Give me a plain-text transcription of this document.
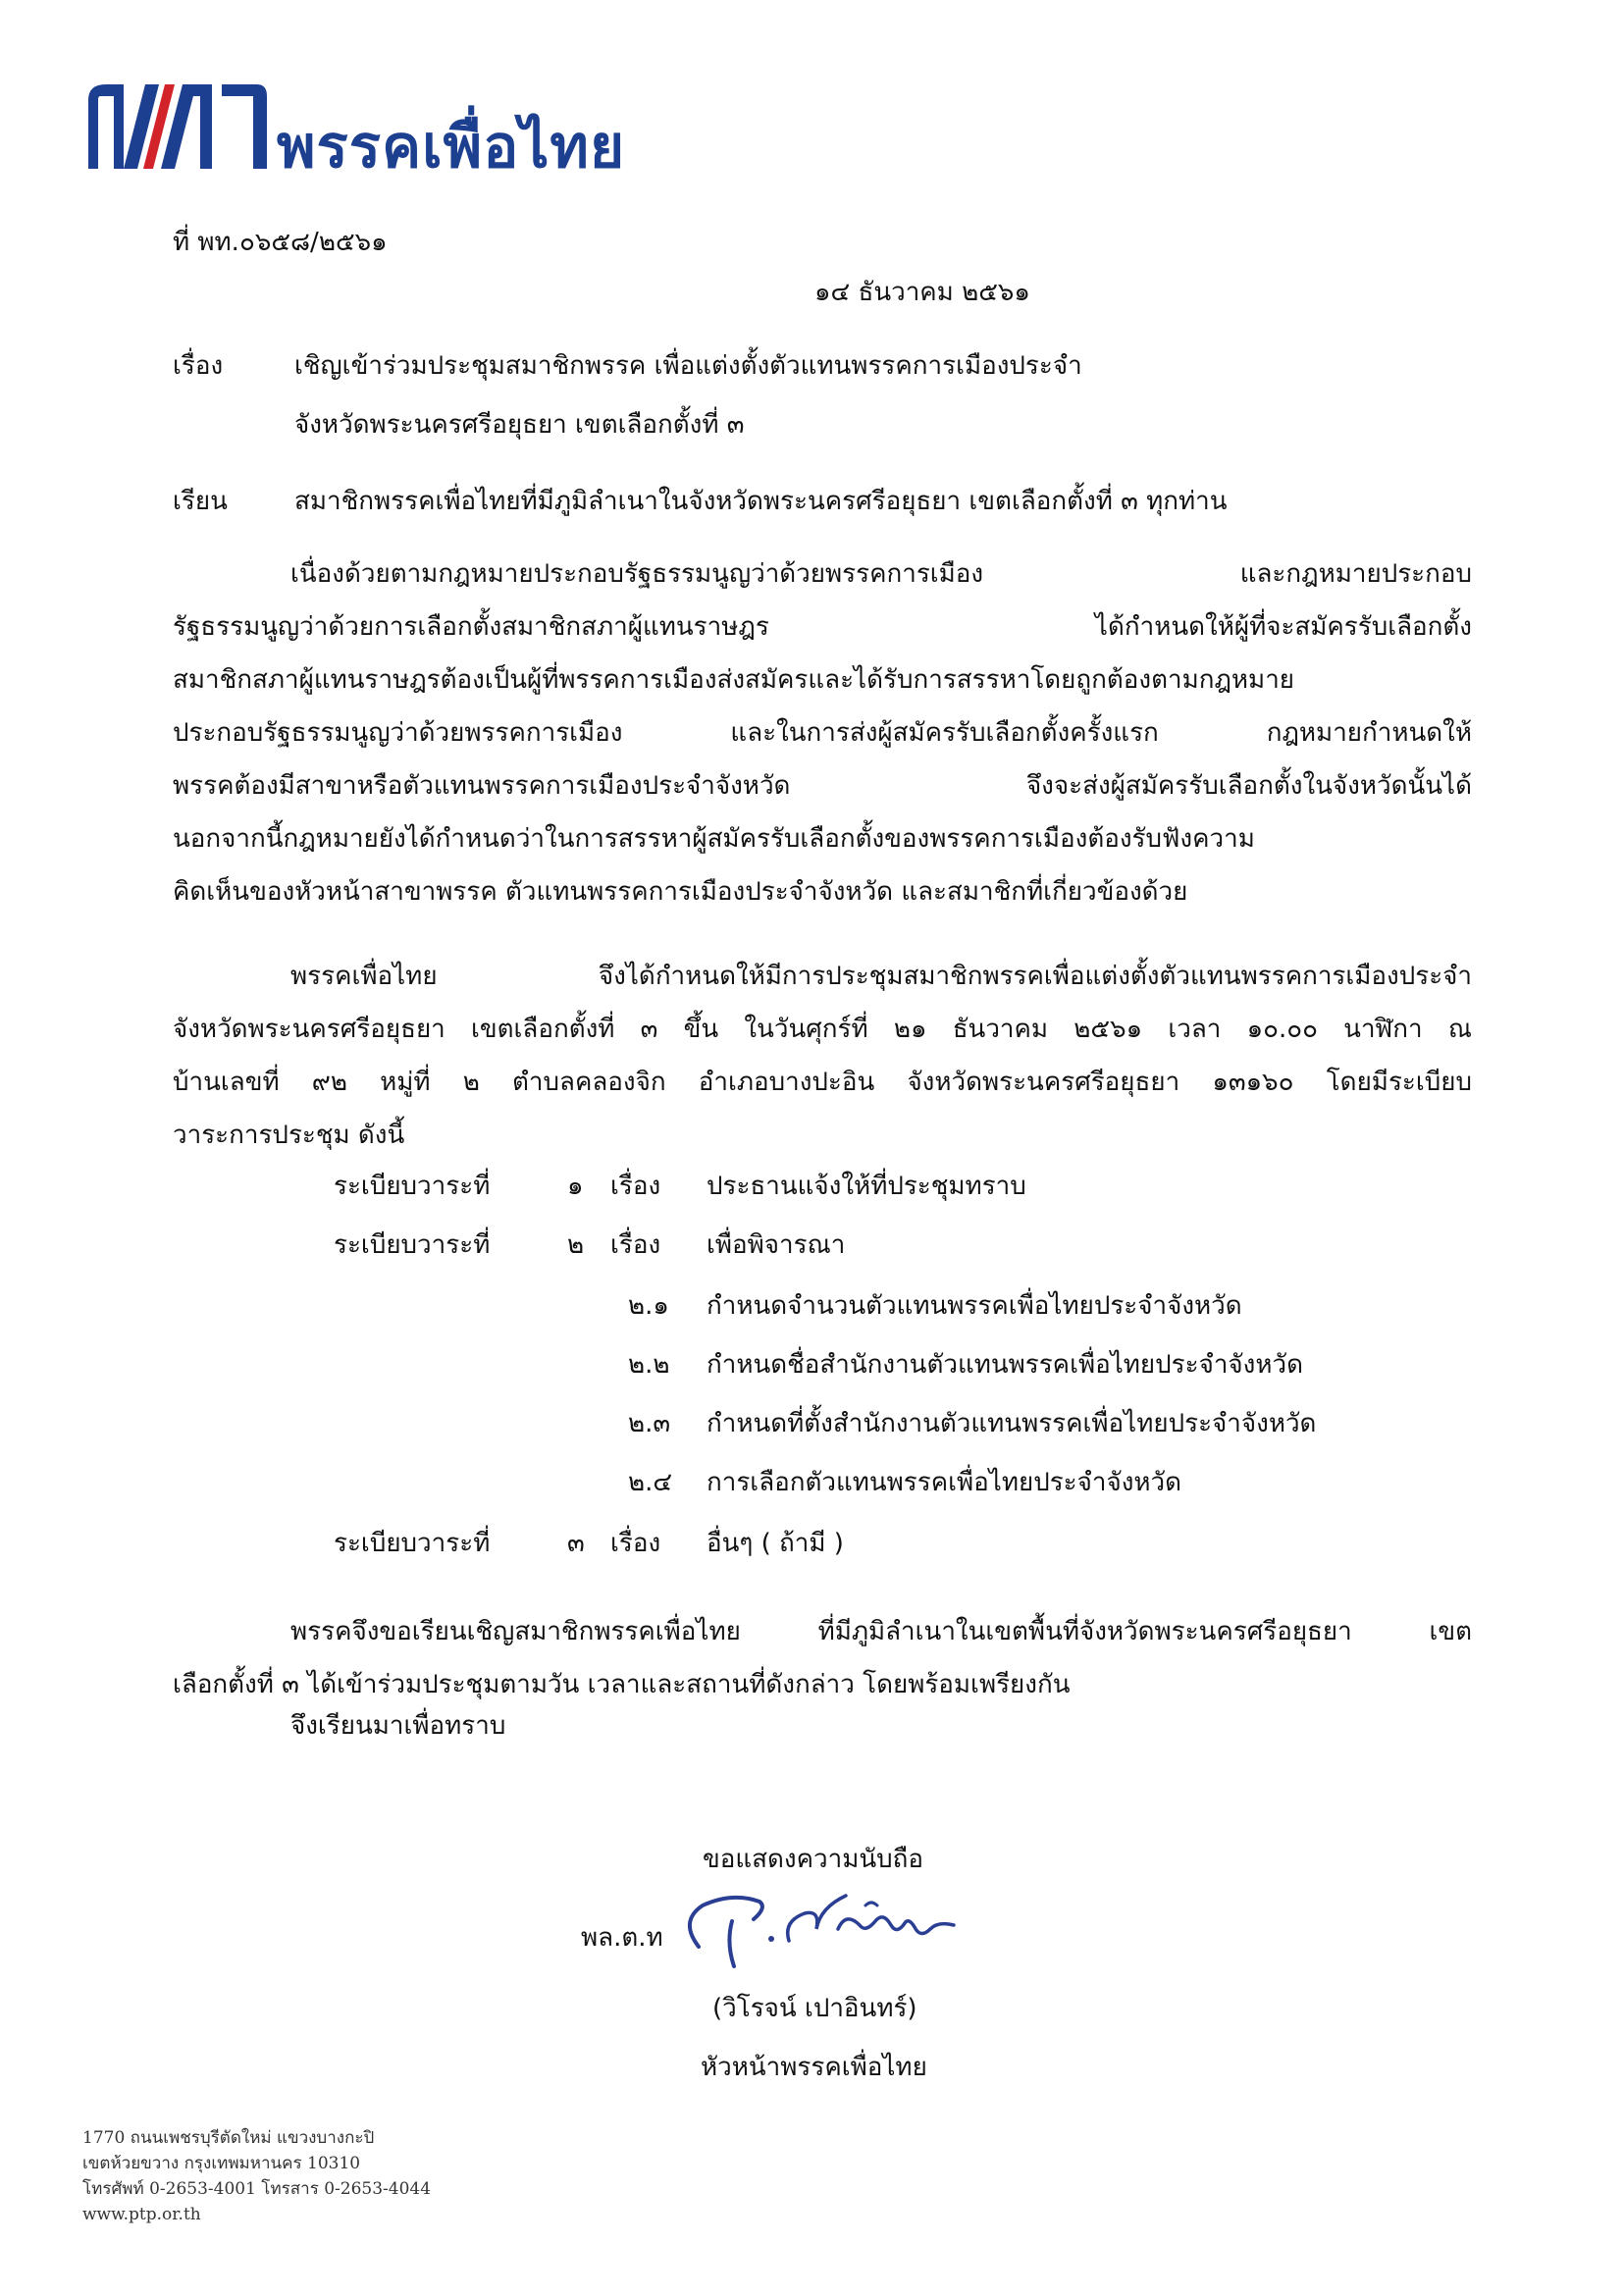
พรรคเพื่อไทย
ที่ พท.๐๖๕๘/๒๕๖๑
๑๔ ธันวาคม ๒๕๖๑
เรื่อง	เชิญเข้าร่วมประชุมสมาชิกพรรค เพื่อแต่งตั้งตัวแทนพรรคการเมืองประจำ
จังหวัดพระนครศรีอยุธยา เขตเลือกตั้งที่ ๓
เรียน	สมาชิกพรรคเพื่อไทยที่มีภูมิลำเนาในจังหวัดพระนครศรีอยุธยา เขตเลือกตั้งที่ ๓ ทุกท่าน
เนื่องด้วยตามกฎหมายประกอบรัฐธรรมนูญว่าด้วยพรรคการเมือง และกฎหมายประกอบ
รัฐธรรมนูญว่าด้วยการเลือกตั้งสมาชิกสภาผู้แทนราษฎร ได้กำหนดให้ผู้ที่จะสมัครรับเลือกตั้ง
สมาชิกสภาผู้แทนราษฎรต้องเป็นผู้ที่พรรคการเมืองส่งสมัครและได้รับการสรรหาโดยถูกต้องตามกฎหมาย
ประกอบรัฐธรรมนูญว่าด้วยพรรคการเมือง และในการส่งผู้สมัครรับเลือกตั้งครั้งแรก กฎหมายกำหนดให้
พรรคต้องมีสาขาหรือตัวแทนพรรคการเมืองประจำจังหวัด จึงจะส่งผู้สมัครรับเลือกตั้งในจังหวัดนั้นได้
นอกจากนี้กฎหมายยังได้กำหนดว่าในการสรรหาผู้สมัครรับเลือกตั้งของพรรคการเมืองต้องรับฟังความ
คิดเห็นของหัวหน้าสาขาพรรค ตัวแทนพรรคการเมืองประจำจังหวัด และสมาชิกที่เกี่ยวข้องด้วย
พรรคเพื่อไทย จึงได้กำหนดให้มีการประชุมสมาชิกพรรคเพื่อแต่งตั้งตัวแทนพรรคการเมืองประจำ
จังหวัดพระนครศรีอยุธยา เขตเลือกตั้งที่ ๓ ขึ้น ในวันศุกร์ที่ ๒๑ ธันวาคม ๒๕๖๑ เวลา ๑๐.๐๐ นาฬิกา ณ
บ้านเลขที่ ๙๒ หมู่ที่ ๒ ตำบลคลองจิก อำเภอบางปะอิน จังหวัดพระนครศรีอยุธยา ๑๓๑๖๐ โดยมีระเบียบ
วาระการประชุม ดังนี้
ระเบียบวาระที่	๑ เรื่อง ประธานแจ้งให้ที่ประชุมทราบ
ระเบียบวาระที่	๒ เรื่อง เพื่อพิจารณา
๒.๑ กำหนดจำนวนตัวแทนพรรคเพื่อไทยประจำจังหวัด
๒.๒ กำหนดชื่อสำนักงานตัวแทนพรรคเพื่อไทยประจำจังหวัด
๒.๓ กำหนดที่ตั้งสำนักงานตัวแทนพรรคเพื่อไทยประจำจังหวัด
๒.๔ การเลือกตัวแทนพรรคเพื่อไทยประจำจังหวัด
ระเบียบวาระที่	๓ เรื่อง อื่นๆ ( ถ้ามี )
พรรคจึงขอเรียนเชิญสมาชิกพรรคเพื่อไทย ที่มีภูมิลำเนาในเขตพื้นที่จังหวัดพระนครศรีอยุธยา เขต
เลือกตั้งที่ ๓ ได้เข้าร่วมประชุมตามวัน เวลาและสถานที่ดังกล่าว โดยพร้อมเพรียงกัน
จึงเรียนมาเพื่อทราบ
ขอแสดงความนับถือ
พล.ต.ท
(วิโรจน์ เปาอินทร์)
หัวหน้าพรรคเพื่อไทย
1770 ถนนเพชรบุรีตัดใหม่ แขวงบางกะปิ
เขตห้วยขวาง กรุงเทพมหานคร 10310
โทรศัพท์ 0-2653-4001 โทรสาร 0-2653-4044
www.ptp.or.th
